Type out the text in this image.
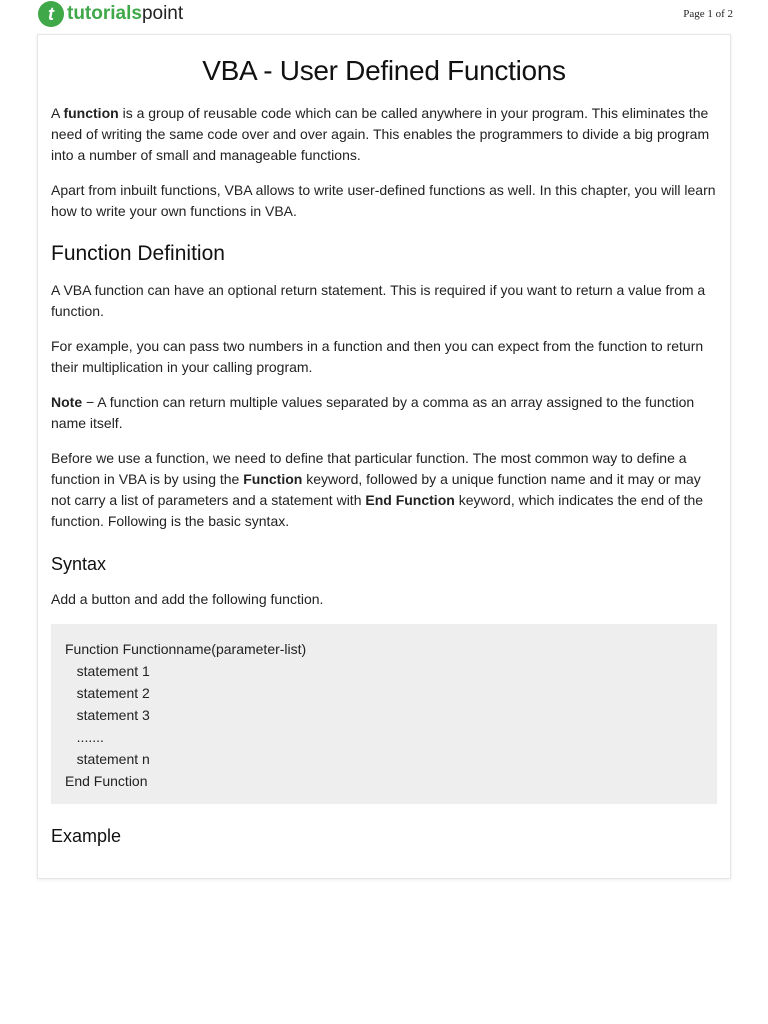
t tutorialspoint	Page 1 of 2
VBA - User Defined Functions

A function is a group of reusable code which can be called anywhere in your program. This eliminates the need of writing the same code over and over again. This enables the programmers to divide a big program into a number of small and manageable functions.

Apart from inbuilt functions, VBA allows to write user-defined functions as well. In this chapter, you will learn how to write your own functions in VBA.

Function Definition

A VBA function can have an optional return statement. This is required if you want to return a value from a function.

For example, you can pass two numbers in a function and then you can expect from the function to return their multiplication in your calling program.

Note − A function can return multiple values separated by a comma as an array assigned to the function name itself.

Before we use a function, we need to define that particular function. The most common way to define a function in VBA is by using the Function keyword, followed by a unique function name and it may or may not carry a list of parameters and a statement with End Function keyword, which indicates the end of the function. Following is the basic syntax.

Syntax

Add a button and add the following function.

Function Functionname(parameter-list)
statement 1
statement 2
statement 3
.......
statement n
End Function
Example
